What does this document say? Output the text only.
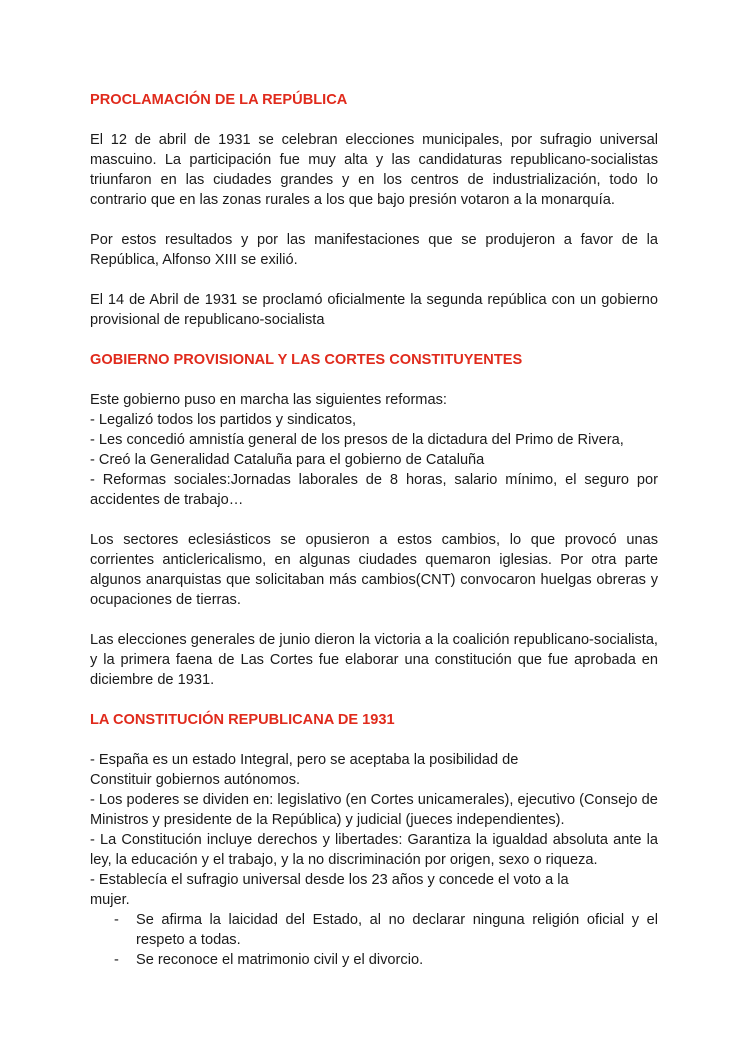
PROCLAMACIÓN DE LA REPÚBLICA

El 12 de abril de 1931 se celebran elecciones municipales, por sufragio universal mascuino. La participación fue muy alta y las candidaturas republicano-socialistas triunfaron en las ciudades grandes y en los centros de industrialización, todo lo contrario que en las zonas rurales a los que bajo presión votaron a la monarquía.

Por estos resultados y por las manifestaciones que se produjeron a favor de la República, Alfonso XIII se exilió.

El 14 de Abril de 1931 se proclamó oficialmente la segunda república con un gobierno provisional de republicano-socialista

GOBIERNO PROVISIONAL Y LAS CORTES CONSTITUYENTES

Este gobierno puso en marcha las siguientes reformas:

- Legalizó todos los partidos y sindicatos,

- Les concedió amnistía general de los presos de la dictadura del Primo de Rivera,

- Creó la Generalidad Cataluña para el gobierno de Cataluña

- Reformas sociales:Jornadas laborales de 8 horas, salario mínimo, el seguro por accidentes de trabajo…

Los sectores eclesiásticos se opusieron a estos cambios, lo que provocó unas corrientes anticlericalismo, en algunas ciudades quemaron iglesias. Por otra parte algunos anarquistas que solicitaban más cambios(CNT) convocaron huelgas obreras y ocupaciones de tierras.

Las elecciones generales de junio dieron la victoria a la coalición republicano-socialista, y la primera faena de Las Cortes fue elaborar una constitución que fue aprobada en diciembre de 1931.

LA CONSTITUCIÓN REPUBLICANA DE 1931

- España es un estado Integral, pero se aceptaba la posibilidad de

Constituir gobiernos autónomos.

- Los poderes se dividen en: legislativo (en Cortes unicamerales), ejecutivo (Consejo de Ministros y presidente de la República) y judicial (jueces independientes).

- La Constitución incluye derechos y libertades: Garantiza la igualdad absoluta ante la ley, la educación y el trabajo, y la no discriminación por origen, sexo o riqueza.

- Establecía el sufragio universal desde los 23 años y concede el voto a la

mujer.

- Se afirma la laicidad del Estado, al no declarar ninguna religión oficial y el respeto a todas.
- Se reconoce el matrimonio civil y el divorcio.
